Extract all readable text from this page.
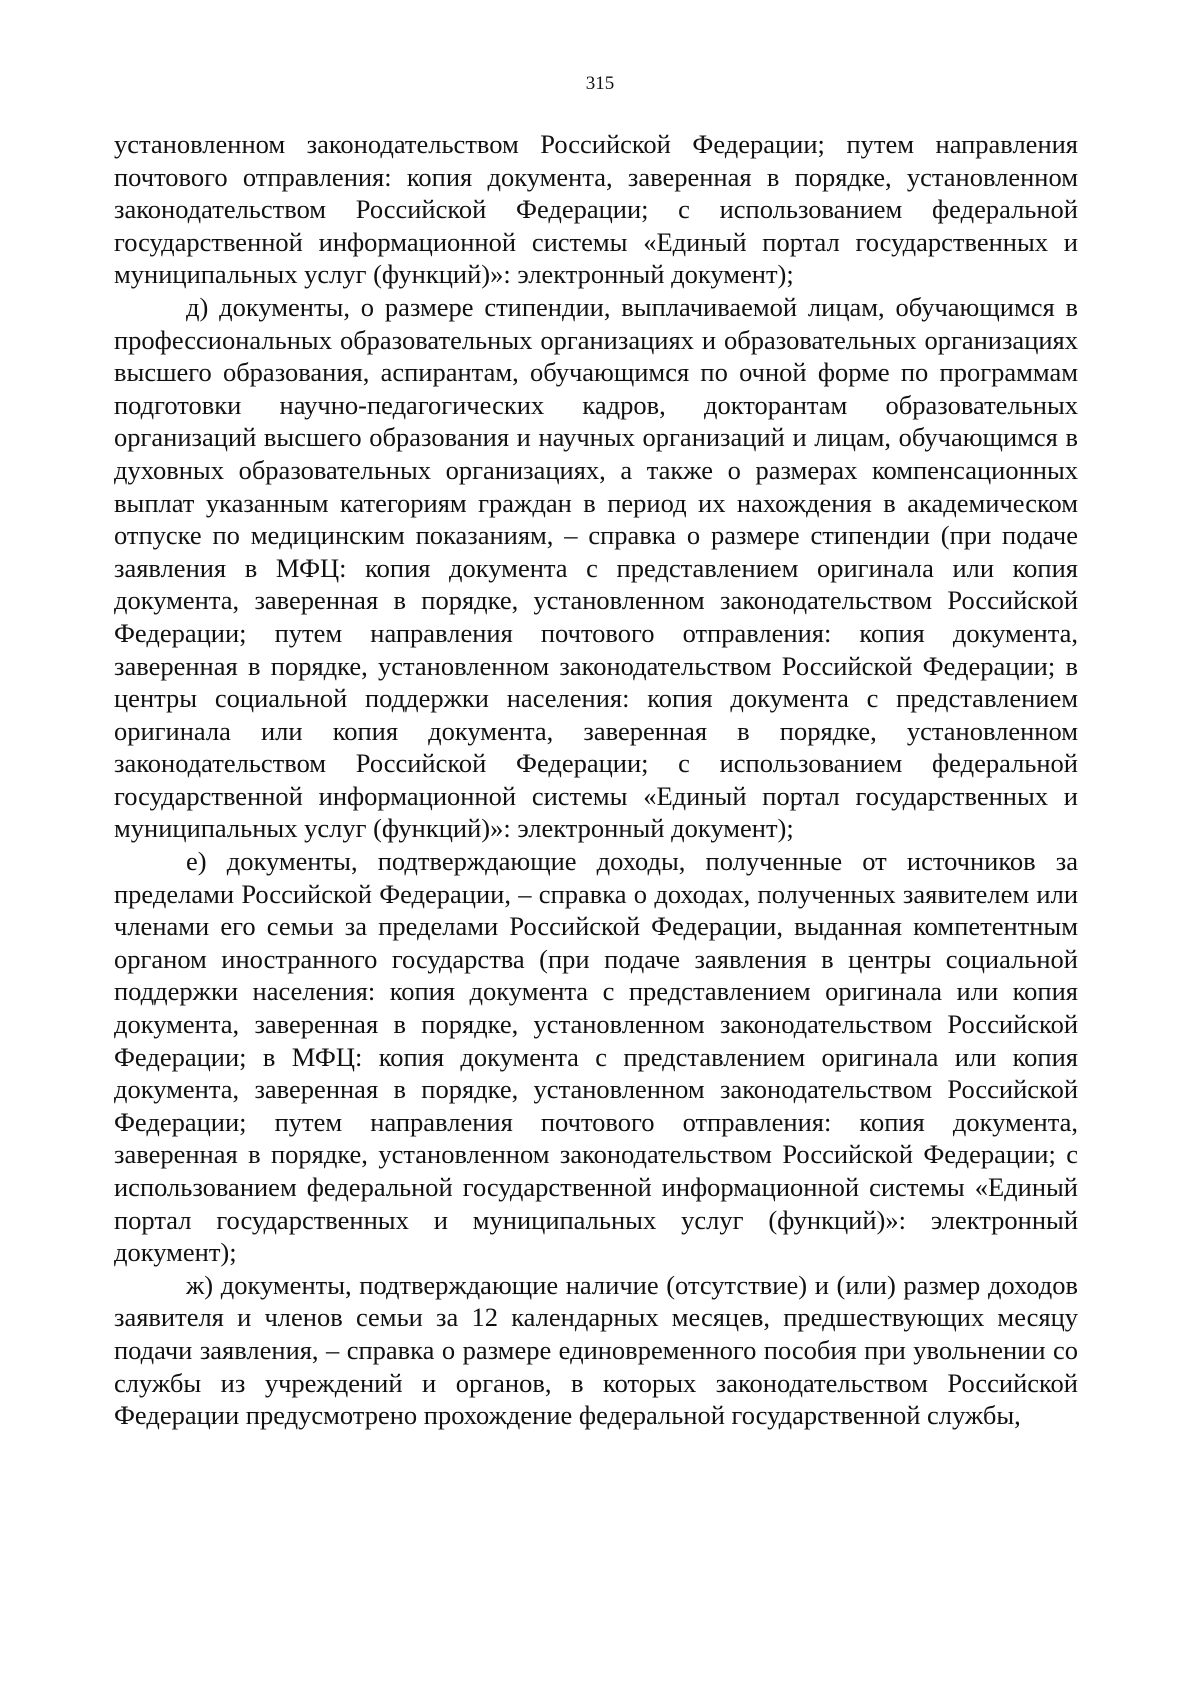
315

установленном законодательством Российской Федерации; путем направления почтового отправления: копия документа, заверенная в порядке, установленном законодательством Российской Федерации; с использованием федеральной государственной информационной системы «Единый портал государственных и муниципальных услуг (функций)»: электронный документ);

д) документы, о размере стипендии, выплачиваемой лицам, обучающимся в профессиональных образовательных организациях и образовательных организациях высшего образования, аспирантам, обучающимся по очной форме по программам подготовки научно-педагогических кадров, докторантам образовательных организаций высшего образования и научных организаций и лицам, обучающимся в духовных образовательных организациях, а также о размерах компенсационных выплат указанным категориям граждан в период их нахождения в академическом отпуске по медицинским показаниям, – справка о размере стипендии (при подаче заявления в МФЦ: копия документа с представлением оригинала или копия документа, заверенная в порядке, установленном законодательством Российской Федерации; путем направления почтового отправления: копия документа, заверенная в порядке, установленном законодательством Российской Федерации; в центры социальной поддержки населения: копия документа с представлением оригинала или копия документа, заверенная в порядке, установленном законодательством Российской Федерации; с использованием федеральной государственной информационной системы «Единый портал государственных и муниципальных услуг (функций)»: электронный документ);

е) документы, подтверждающие доходы, полученные от источников за пределами Российской Федерации, – справка о доходах, полученных заявителем или членами его семьи за пределами Российской Федерации, выданная компетентным органом иностранного государства (при подаче заявления в центры социальной поддержки населения: копия документа с представлением оригинала или копия документа, заверенная в порядке, установленном законодательством Российской Федерации; в МФЦ: копия документа с представлением оригинала или копия документа, заверенная в порядке, установленном законодательством Российской Федерации; путем направления почтового отправления: копия документа, заверенная в порядке, установленном законодательством Российской Федерации; с использованием федеральной государственной информационной системы «Единый портал государственных и муниципальных услуг (функций)»: электронный документ);

ж) документы, подтверждающие наличие (отсутствие) и (или) размер доходов заявителя и членов семьи за 12 календарных месяцев, предшествующих месяцу подачи заявления, – справка о размере единовременного пособия при увольнении со службы из учреждений и органов, в которых законодательством Российской Федерации предусмотрено прохождение федеральной государственной службы,
